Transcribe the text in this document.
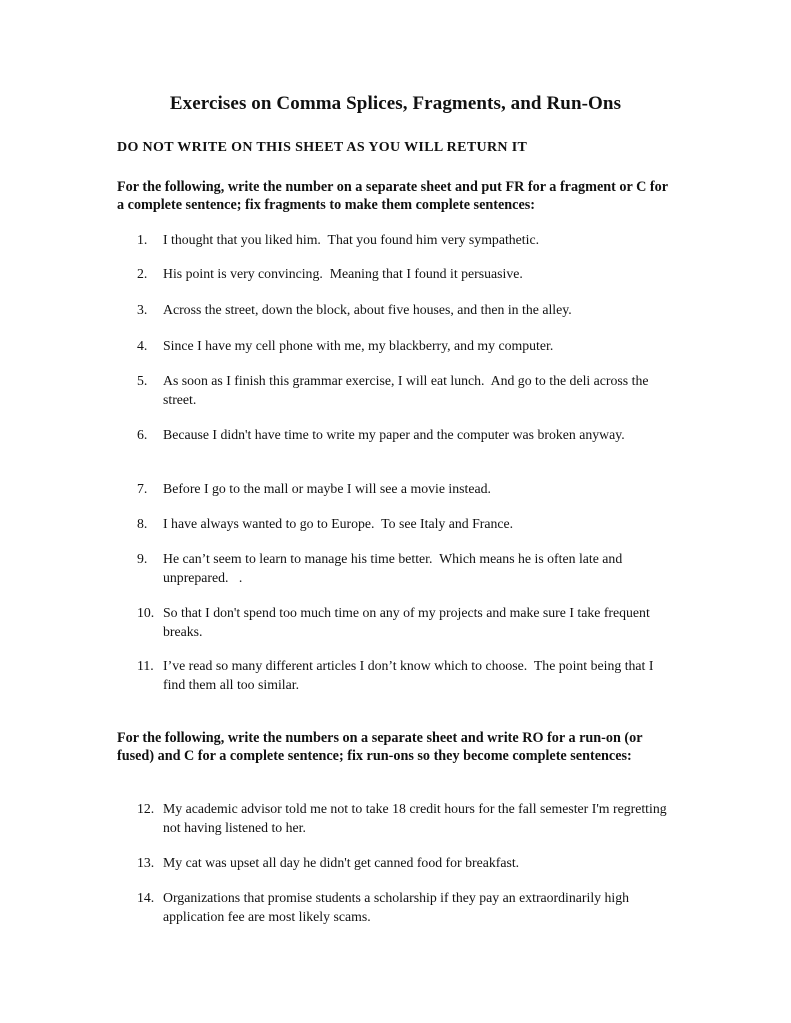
Exercises on Comma Splices, Fragments, and Run-Ons
DO NOT WRITE ON THIS SHEET AS YOU WILL RETURN IT
For the following, write the number on a separate sheet and put FR for a fragment or C for a complete sentence; fix fragments to make them complete sentences:
1.	I thought that you liked him.  That you found him very sympathetic.
2.	His point is very convincing.  Meaning that I found it persuasive.
3.	Across the street, down the block, about five houses, and then in the alley.
4.	Since I have my cell phone with me, my blackberry, and my computer.
5.	As soon as I finish this grammar exercise, I will eat lunch.  And go to the deli across the street.
6.	Because I didn't have time to write my paper and the computer was broken anyway.
7.	Before I go to the mall or maybe I will see a movie instead.
8.	I have always wanted to go to Europe.  To see Italy and France.
9.	He can’t seem to learn to manage his time better.  Which means he is often late and unprepared.   .
10. So that I don't spend too much time on any of my projects and make sure I take frequent breaks.
11. I’ve read so many different articles I don’t know which to choose.  The point being that I find them all too similar.
For the following, write the numbers on a separate sheet and write RO for a run-on (or fused) and C for a complete sentence; fix run-ons so they become complete sentences:
12. My academic advisor told me not to take 18 credit hours for the fall semester I'm regretting not having listened to her.
13. My cat was upset all day he didn't get canned food for breakfast.
14. Organizations that promise students a scholarship if they pay an extraordinarily high application fee are most likely scams.
